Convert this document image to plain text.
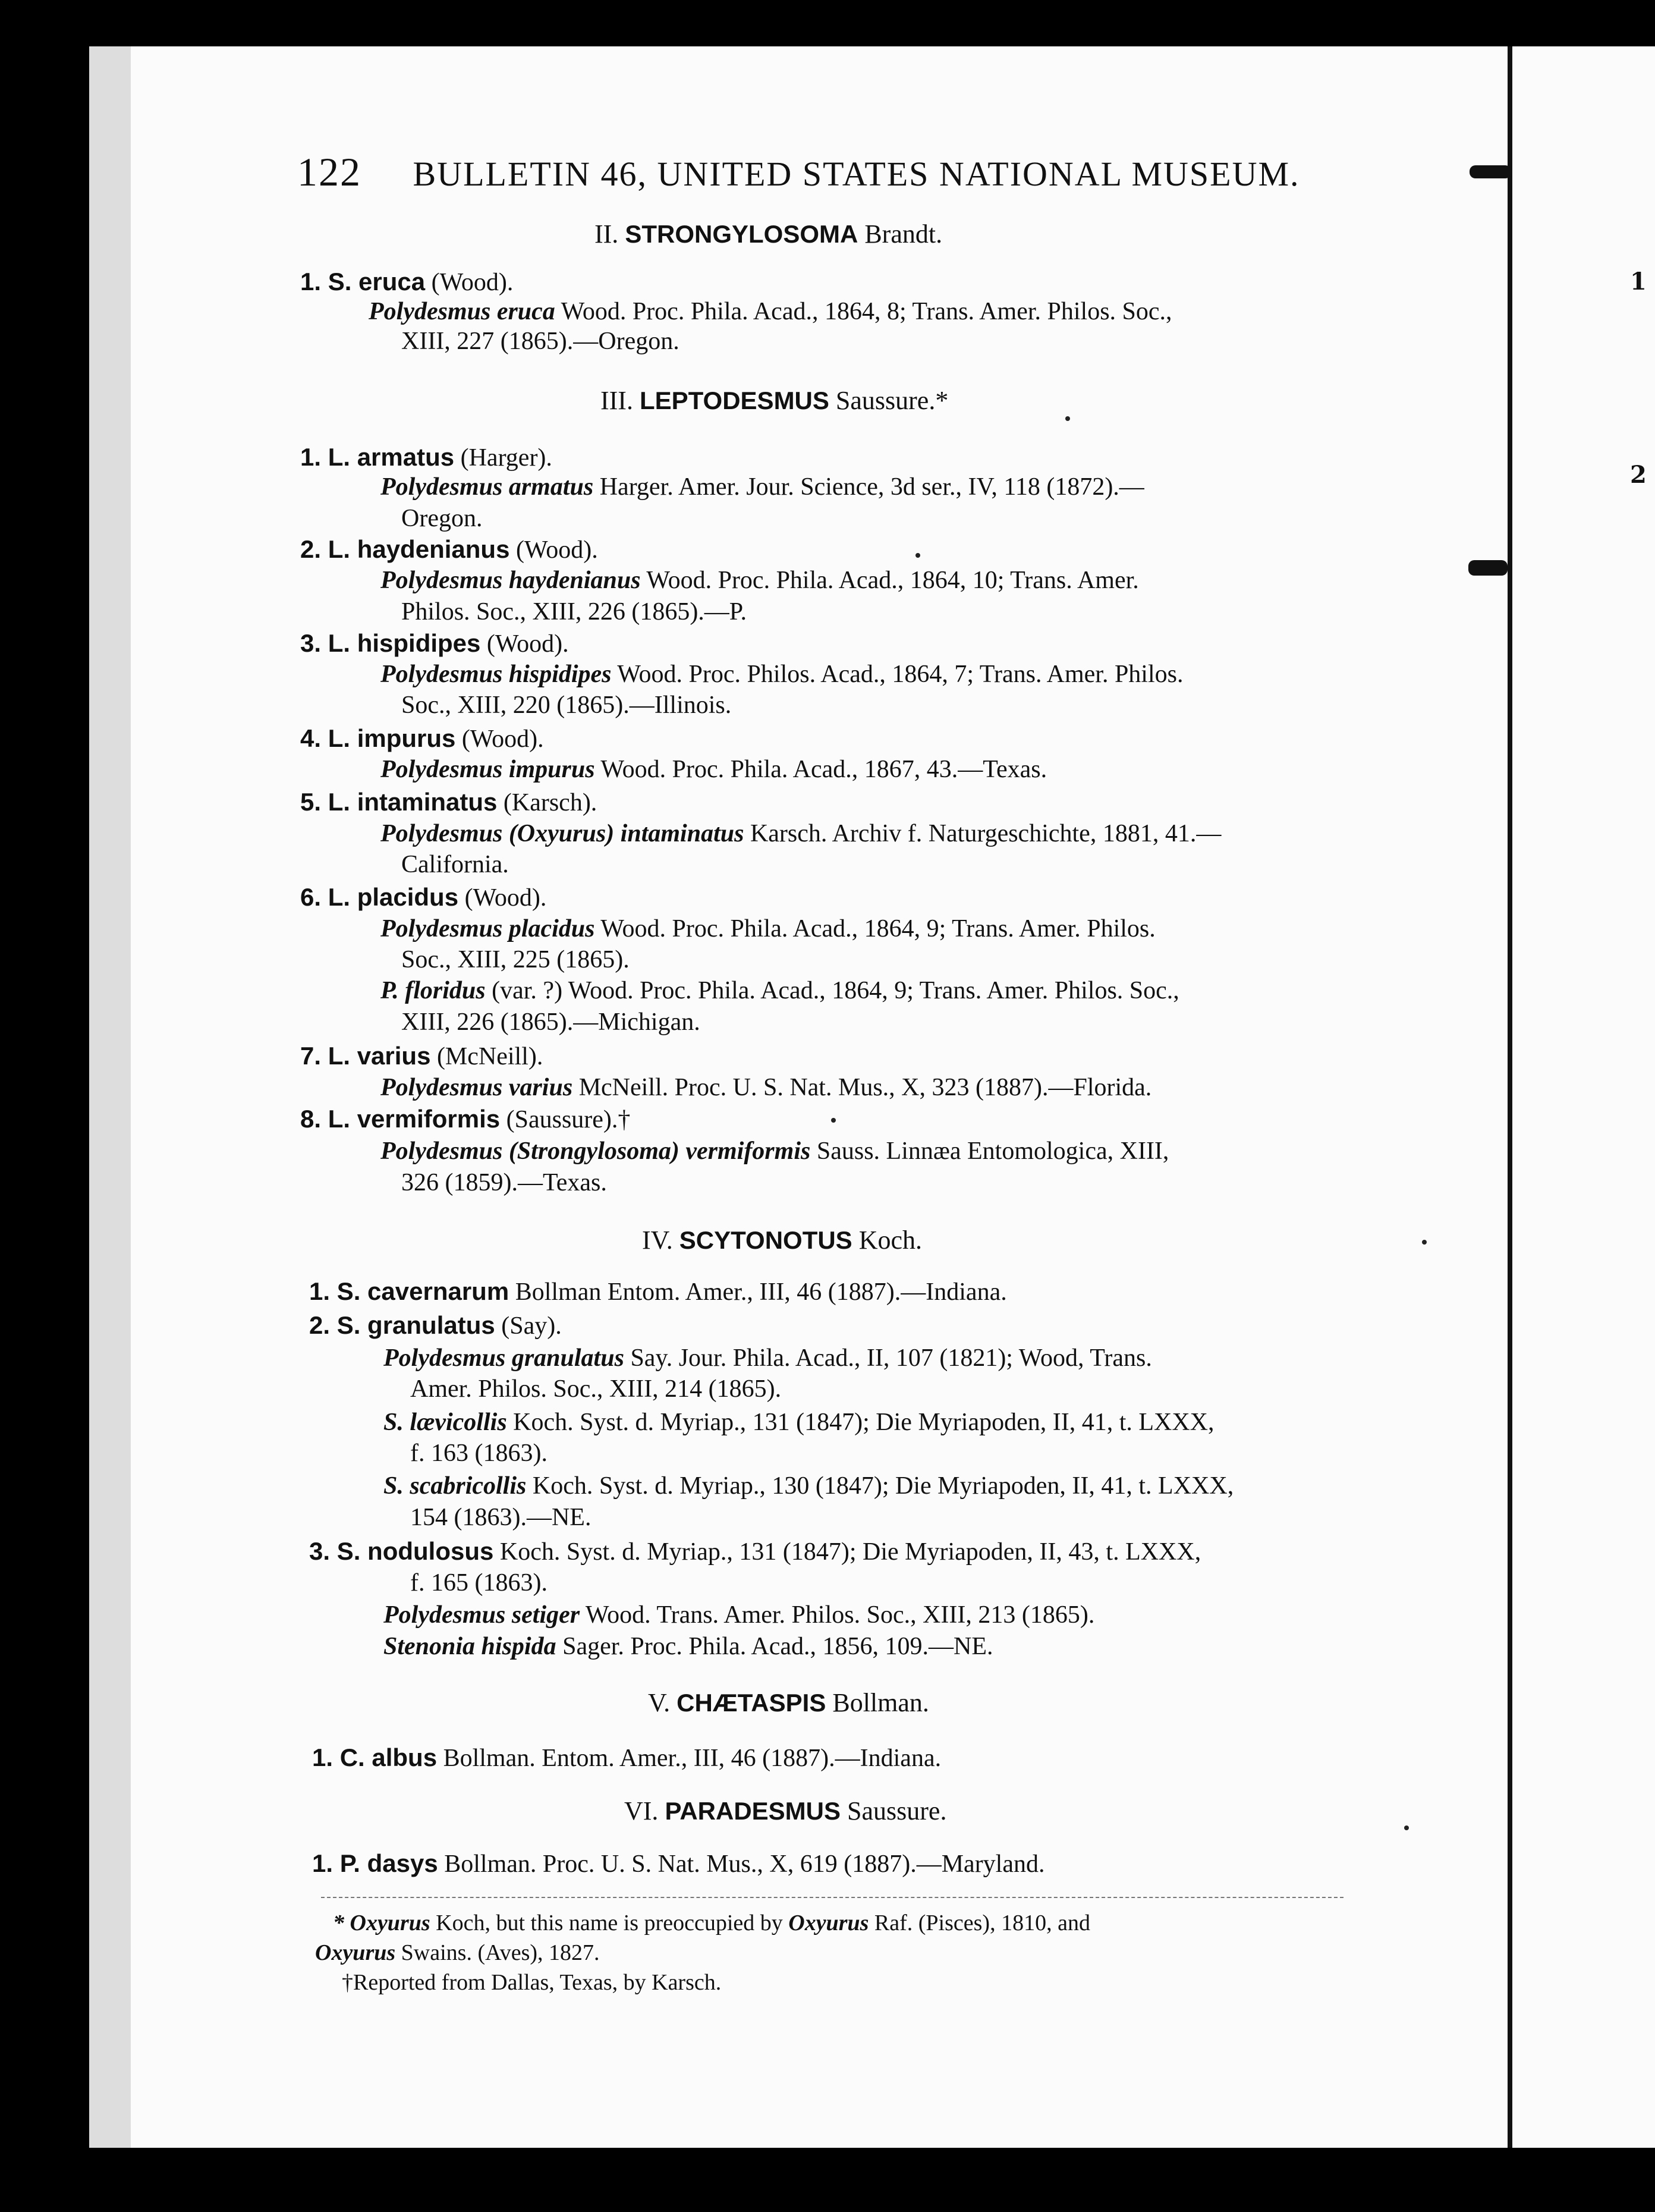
1
2
122 BULLETIN 46, UNITED STATES NATIONAL MUSEUM.
II. STRONGYLOSOMA Brandt.
III. LEPTODESMUS Saussure.*
IV. SCYTONOTUS Koch.
V. CHÆTASPIS Bollman.
VI. PARADESMUS Saussure.
1. S. eruca (Wood).
Polydesmus eruca Wood. Proc. Phila. Acad., 1864, 8; Trans. Amer. Philos. Soc.,
XIII, 227 (1865).—Oregon.
1. L. armatus (Harger).
Polydesmus armatus Harger. Amer. Jour. Science, 3d ser., IV, 118 (1872).—
Oregon.
2. L. haydenianus (Wood).
Polydesmus haydenianus Wood. Proc. Phila. Acad., 1864, 10; Trans. Amer.
Philos. Soc., XIII, 226 (1865).—P.
3. L. hispidipes (Wood).
Polydesmus hispidipes Wood. Proc. Philos. Acad., 1864, 7; Trans. Amer. Philos.
Soc., XIII, 220 (1865).—Illinois.
4. L. impurus (Wood).
Polydesmus impurus Wood. Proc. Phila. Acad., 1867, 43.—Texas.
5. L. intaminatus (Karsch).
Polydesmus (Oxyurus) intaminatus Karsch. Archiv f. Naturgeschichte, 1881, 41.—
California.
6. L. placidus (Wood).
Polydesmus placidus Wood. Proc. Phila. Acad., 1864, 9; Trans. Amer. Philos.
Soc., XIII, 225 (1865).
P. floridus (var. ?) Wood. Proc. Phila. Acad., 1864, 9; Trans. Amer. Philos. Soc.,
XIII, 226 (1865).—Michigan.
7. L. varius (McNeill).
Polydesmus varius McNeill. Proc. U. S. Nat. Mus., X, 323 (1887).—Florida.
8. L. vermiformis (Saussure).†
Polydesmus (Strongylosoma) vermiformis Sauss. Linnæa Entomologica, XIII,
326 (1859).—Texas.
1. S. cavernarum Bollman Entom. Amer., III, 46 (1887).—Indiana.
2. S. granulatus (Say).
Polydesmus granulatus Say. Jour. Phila. Acad., II, 107 (1821); Wood, Trans.
Amer. Philos. Soc., XIII, 214 (1865).
S. lævicollis Koch. Syst. d. Myriap., 131 (1847); Die Myriapoden, II, 41, t. LXXX,
f. 163 (1863).
S. scabricollis Koch. Syst. d. Myriap., 130 (1847); Die Myriapoden, II, 41, t. LXXX,
154 (1863).—NE.
3. S. nodulosus Koch. Syst. d. Myriap., 131 (1847); Die Myriapoden, II, 43, t. LXXX,
f. 165 (1863).
Polydesmus setiger Wood. Trans. Amer. Philos. Soc., XIII, 213 (1865).
Stenonia hispida Sager. Proc. Phila. Acad., 1856, 109.—NE.
1. C. albus Bollman. Entom. Amer., III, 46 (1887).—Indiana.
1. P. dasys Bollman. Proc. U. S. Nat. Mus., X, 619 (1887).—Maryland.
* Oxyurus Koch, but this name is preoccupied by Oxyurus Raf. (Pisces), 1810, and
Oxyurus Swains. (Aves), 1827.
†Reported from Dallas, Texas, by Karsch.
